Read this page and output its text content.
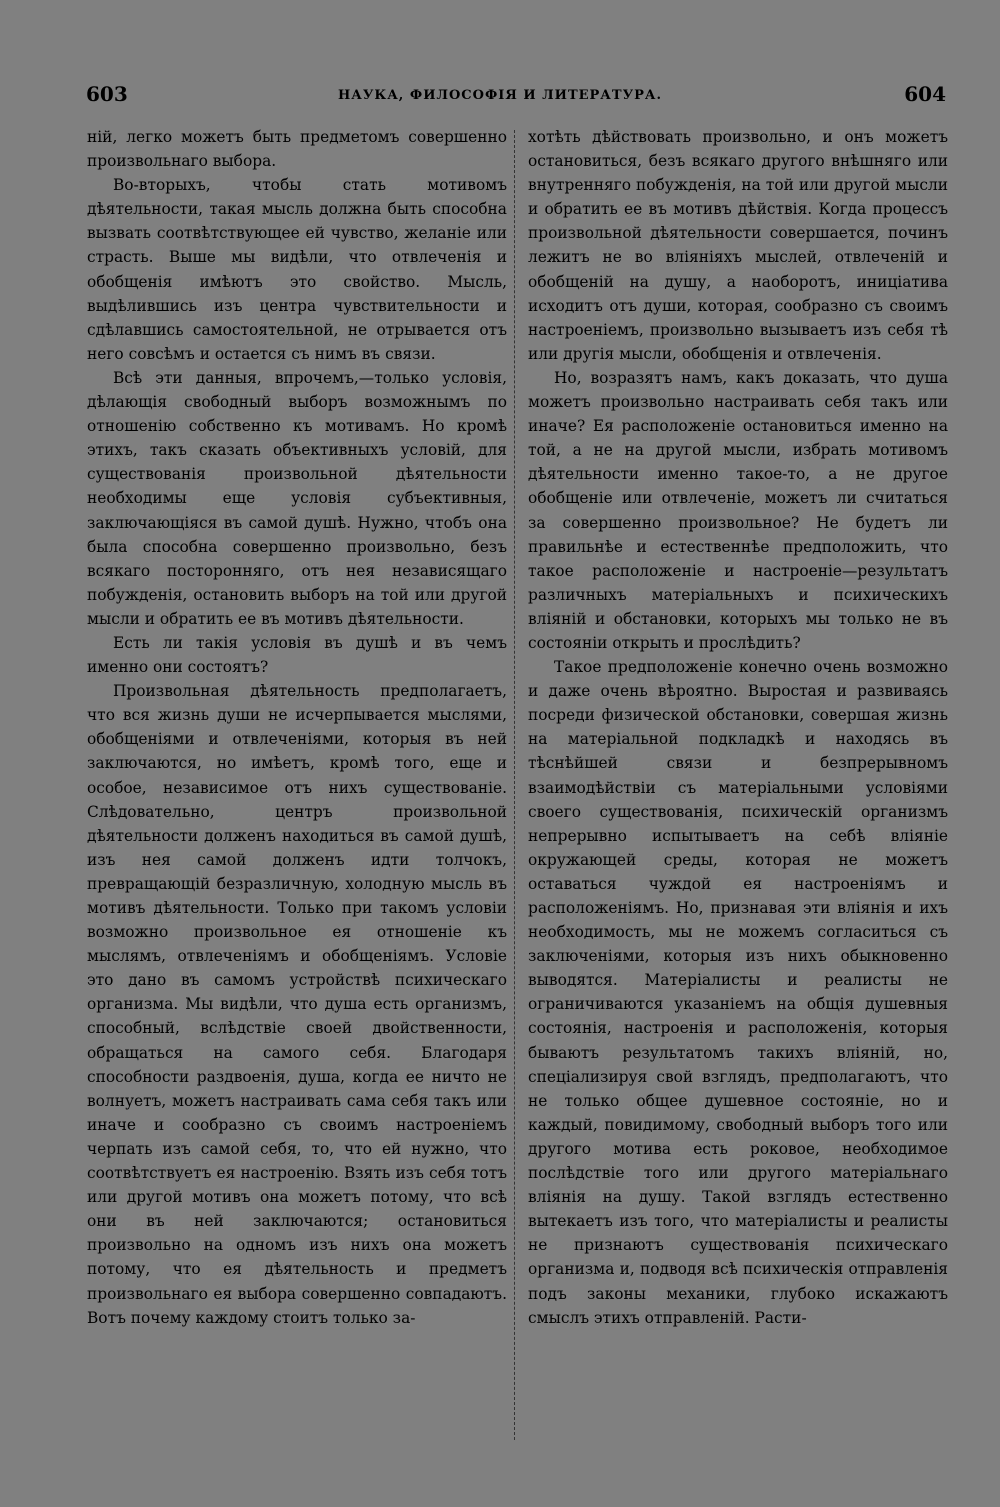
603	НАУКА, ФИЛОСОФІЯ И ЛИТЕРАТУРА.	604

ній, легко можетъ быть предметомъ совершенно произвольнаго выбора.

Во-вторыхъ, чтобы стать мотивомъ дѣятельности, такая мысль должна быть способна вызвать соотвѣтствующее ей чувство, желаніе или страсть. Выше мы видѣли, что отвлеченія и обобщенія имѣютъ это свойство. Мысль, выдѣлившись изъ центра чувствительности и сдѣлавшись самостоятельной, не отрывается отъ него совсѣмъ и остается съ нимъ въ связи.

Всѣ эти данныя, впрочемъ,—только условія, дѣлающія свободный выборъ возможнымъ по отношенію собственно къ мотивамъ. Но кромѣ этихъ, такъ сказать объективныхъ условій, для существованія произвольной дѣятельности необходимы еще условія субъективныя, заключающіяся въ самой душѣ. Нужно, чтобъ она была способна совершенно произвольно, безъ всякаго посторонняго, отъ нея независящаго побужденія, остановить выборъ на той или другой мысли и обратить ее въ мотивъ дѣятельности.

Есть ли такія условія въ душѣ и въ чемъ именно они состоятъ?

Произвольная дѣятельность предполагаетъ, что вся жизнь души не исчерпывается мыслями, обобщеніями и отвлеченіями, которыя въ ней заключаются, но имѣетъ, кромѣ того, еще и особое, независимое отъ нихъ существованіе. Слѣдовательно, центръ произвольной дѣятельности долженъ находиться въ самой душѣ, изъ нея самой долженъ идти толчокъ, превращающій безразличную, холодную мысль въ мотивъ дѣятельности. Только при такомъ условіи возможно произвольное ея отношеніе къ мыслямъ, отвлеченіямъ и обобщеніямъ. Условіе это дано въ самомъ устройствѣ психическаго организма. Мы видѣли, что душа есть организмъ, способный, вслѣдствіе своей двойственности, обращаться на самого себя. Благодаря способности раздвоенія, душа, когда ее ничто не волнуетъ, можетъ настраивать сама себя такъ или иначе и сообразно съ своимъ настроеніемъ черпать изъ самой себя, то, что ей нужно, что соотвѣтствуетъ ея настроенію. Взять изъ себя тотъ или другой мотивъ она можетъ потому, что всѣ они въ ней заключаются; остановиться произвольно на одномъ изъ нихъ она можетъ потому, что ея дѣятельность и предметъ произвольнаго ея выбора совершенно совпадаютъ. Вотъ почему каждому стоитъ только за-

хотѣть дѣйствовать произвольно, и онъ можетъ остановиться, безъ всякаго другого внѣшняго или внутренняго побужденія, на той или другой мысли и обратить ее въ мотивъ дѣйствія. Когда процессъ произвольной дѣятельности совершается, починъ лежитъ не во вліяніяхъ мыслей, отвлеченій и обобщеній на душу, а наоборотъ, иниціатива исходитъ отъ души, которая, сообразно съ своимъ настроеніемъ, произвольно вызываетъ изъ себя тѣ или другія мысли, обобщенія и отвлеченія.

Но, возразятъ намъ, какъ доказать, что душа можетъ произвольно настраивать себя такъ или иначе? Ея расположеніе остановиться именно на той, а не на другой мысли, избрать мотивомъ дѣятельности именно такое-то, а не другое обобщеніе или отвлеченіе, можетъ ли считаться за совершенно произвольное? Не будетъ ли правильнѣе и естественнѣе предположить, что такое расположеніе и настроеніе—результатъ различныхъ матеріальныхъ и психическихъ вліяній и обстановки, которыхъ мы только не въ состояніи открыть и прослѣдить?

Такое предположеніе конечно очень возможно и даже очень вѣроятно. Выростая и развиваясь посреди физической обстановки, совершая жизнь на матеріальной подкладкѣ и находясь въ тѣснѣйшей связи и безпрерывномъ взаимодѣйствіи съ матеріальными условіями своего существованія, психическій организмъ непрерывно испытываетъ на себѣ вліяніе окружающей среды, которая не можетъ оставаться чуждой ея настроеніямъ и расположеніямъ. Но, признавая эти вліянія и ихъ необходимость, мы не можемъ согласиться съ заключеніями, которыя изъ нихъ обыкновенно выводятся. Матеріалисты и реалисты не ограничиваются указаніемъ на общія душевныя состоянія, настроенія и расположенія, которыя бываютъ результатомъ такихъ вліяній, но, спеціализируя свой взглядъ, предполагаютъ, что не только общее душевное состояніе, но и каждый, повидимому, свободный выборъ того или другого мотива есть роковое, необходимое послѣдствіе того или другого матеріальнаго вліянія на душу. Такой взглядъ естественно вытекаетъ изъ того, что матеріалисты и реалисты не признаютъ существованія психическаго организма и, подводя всѣ психическія отправленія подъ законы механики, глубоко искажаютъ смыслъ этихъ отправленій. Расти-
